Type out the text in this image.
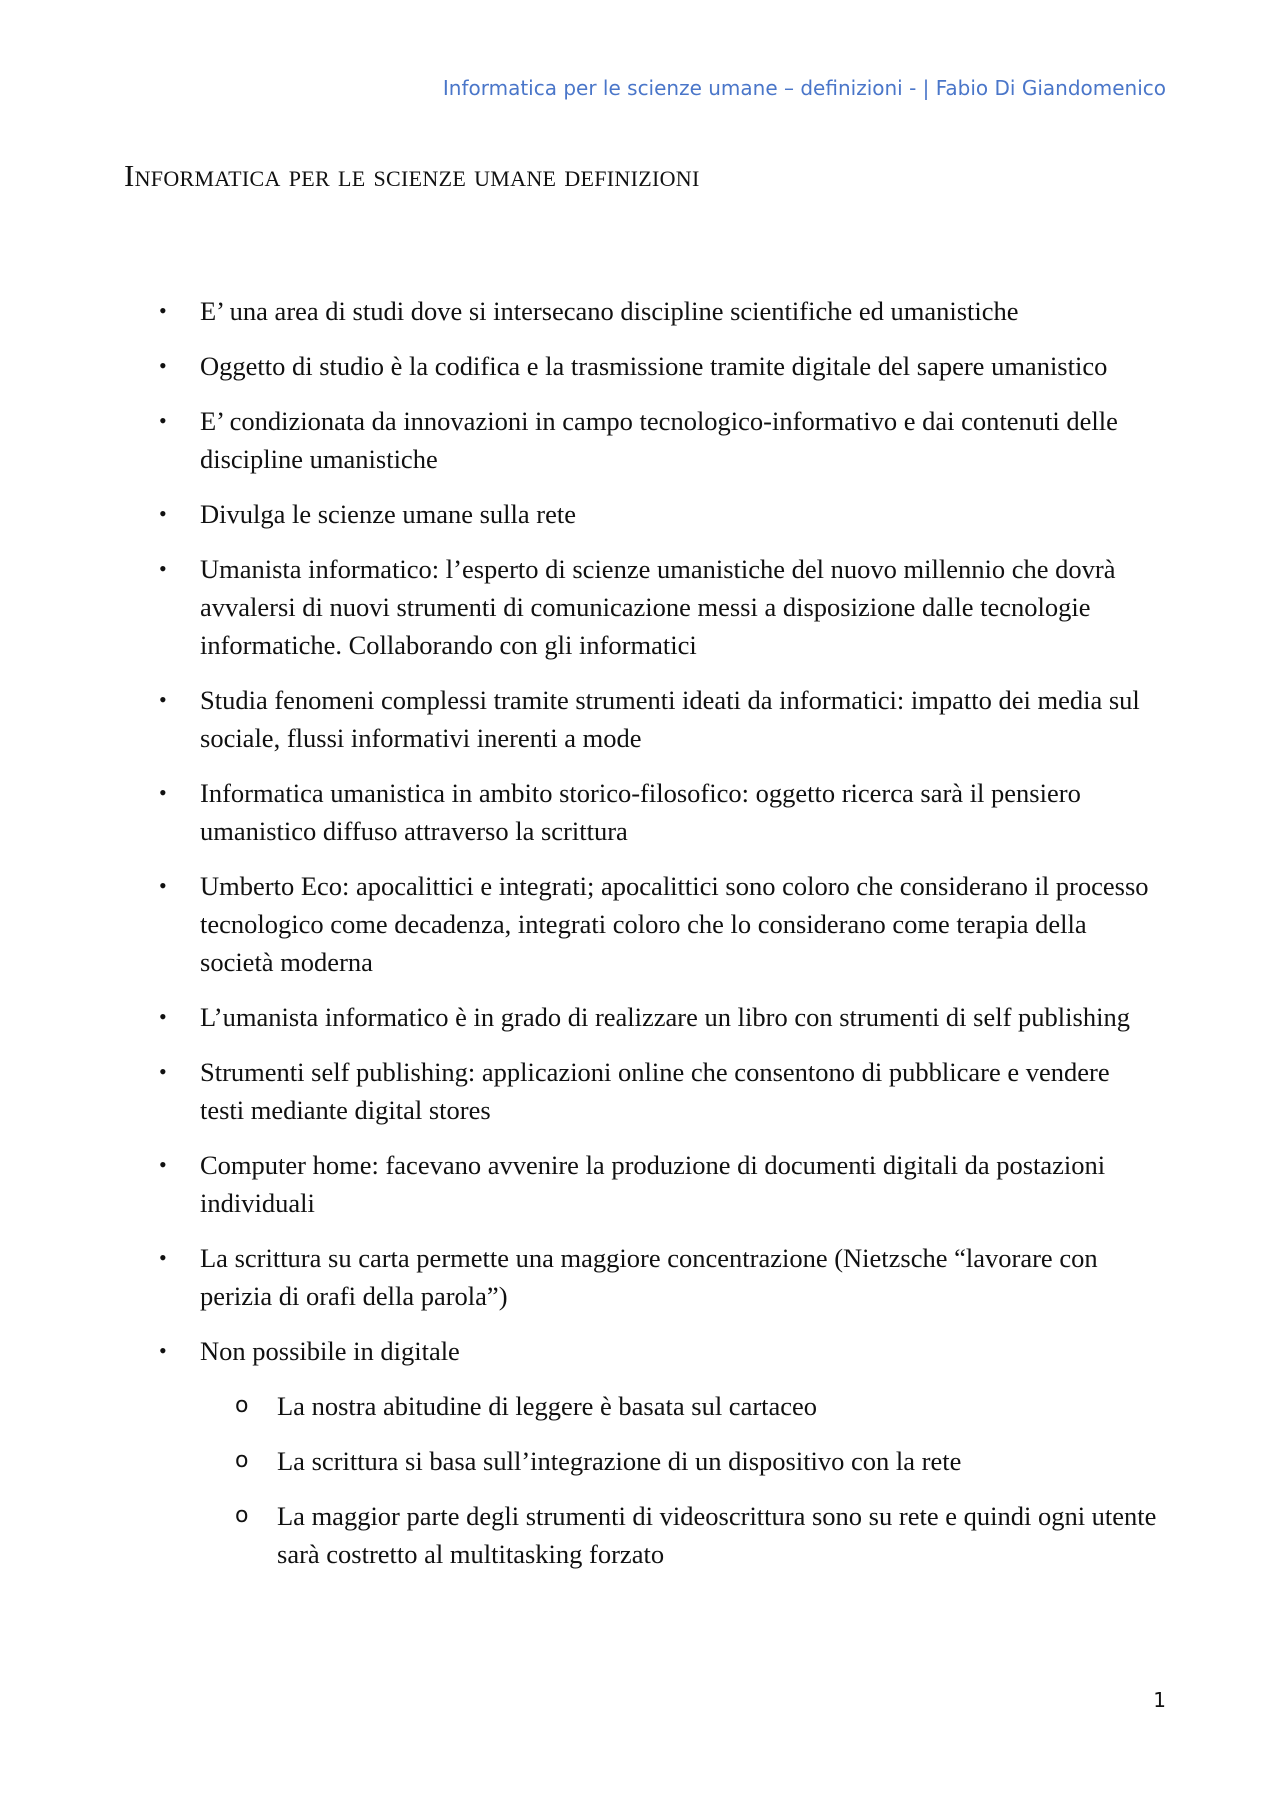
Informatica per le scienze umane – definizioni - | Fabio Di Giandomenico
Informatica per le scienze umane definizioni
• E’ una area di studi dove si intersecano discipline scientifiche ed umanistiche
• Oggetto di studio è la codifica e la trasmissione tramite digitale del sapere umanistico
• E’ condizionata da innovazioni in campo tecnologico-informativo e dai contenuti delle discipline umanistiche
• Divulga le scienze umane sulla rete
• Umanista informatico: l’esperto di scienze umanistiche del nuovo millennio che dovrà avvalersi di nuovi strumenti di comunicazione messi a disposizione dalle tecnologie informatiche. Collaborando con gli informatici
• Studia fenomeni complessi tramite strumenti ideati da informatici: impatto dei media sul sociale, flussi informativi inerenti a mode
• Informatica umanistica in ambito storico-filosofico: oggetto ricerca sarà il pensiero umanistico diffuso attraverso la scrittura
• Umberto Eco: apocalittici e integrati; apocalittici sono coloro che considerano il processo tecnologico come decadenza, integrati coloro che lo considerano come terapia della società moderna
• L’umanista informatico è in grado di realizzare un libro con strumenti di self publishing
• Strumenti self publishing: applicazioni online che consentono di pubblicare e vendere testi mediante digital stores
• Computer home: facevano avvenire la produzione di documenti digitali da postazioni individuali
• La scrittura su carta permette una maggiore concentrazione (Nietzsche “lavorare con perizia di orafi della parola”)
• Non possibile in digitale
o La nostra abitudine di leggere è basata sul cartaceo
o La scrittura si basa sull’integrazione di un dispositivo con la rete
o La maggior parte degli strumenti di videoscrittura sono su rete e quindi ogni utente sarà costretto al multitasking forzato
1
